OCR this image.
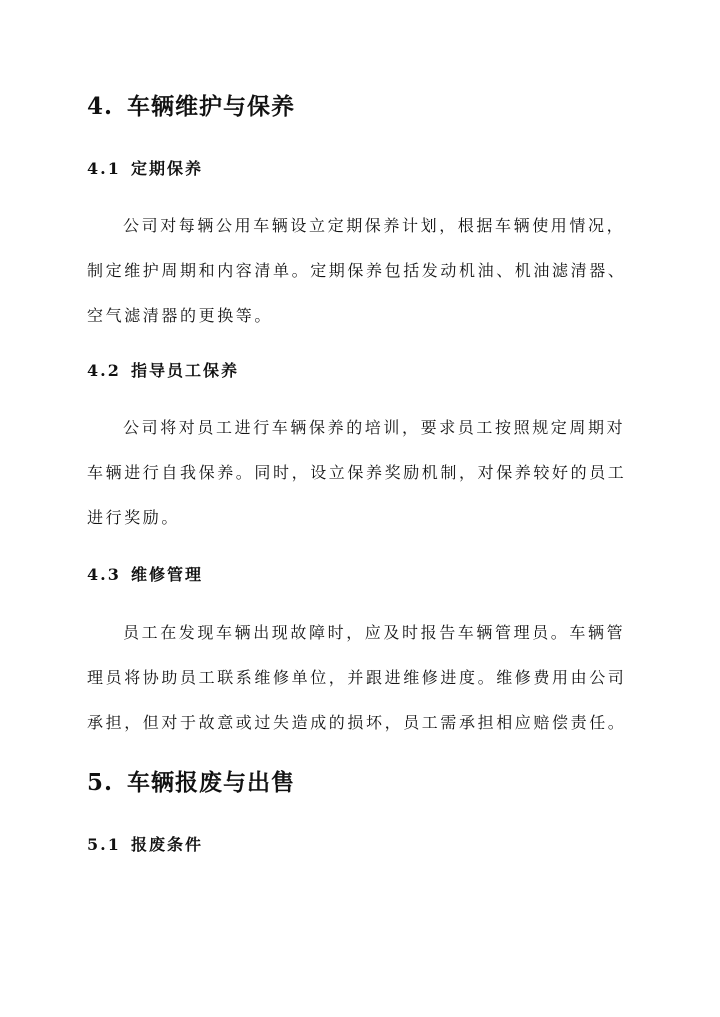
4. 车辆维护与保养
4.1 定期保养
公司对每辆公用车辆设立定期保养计划，根据车辆使用情况，
制定维护周期和内容清单。定期保养包括发动机油、机油滤清器、
空气滤清器的更换等。
4.2 指导员工保养
公司将对员工进行车辆保养的培训，要求员工按照规定周期对
车辆进行自我保养。同时，设立保养奖励机制，对保养较好的员工
进行奖励。
4.3 维修管理
员工在发现车辆出现故障时，应及时报告车辆管理员。车辆管
理员将协助员工联系维修单位，并跟进维修进度。维修费用由公司
承担，但对于故意或过失造成的损坏，员工需承担相应赔偿责任。
5. 车辆报废与出售
5.1 报废条件
